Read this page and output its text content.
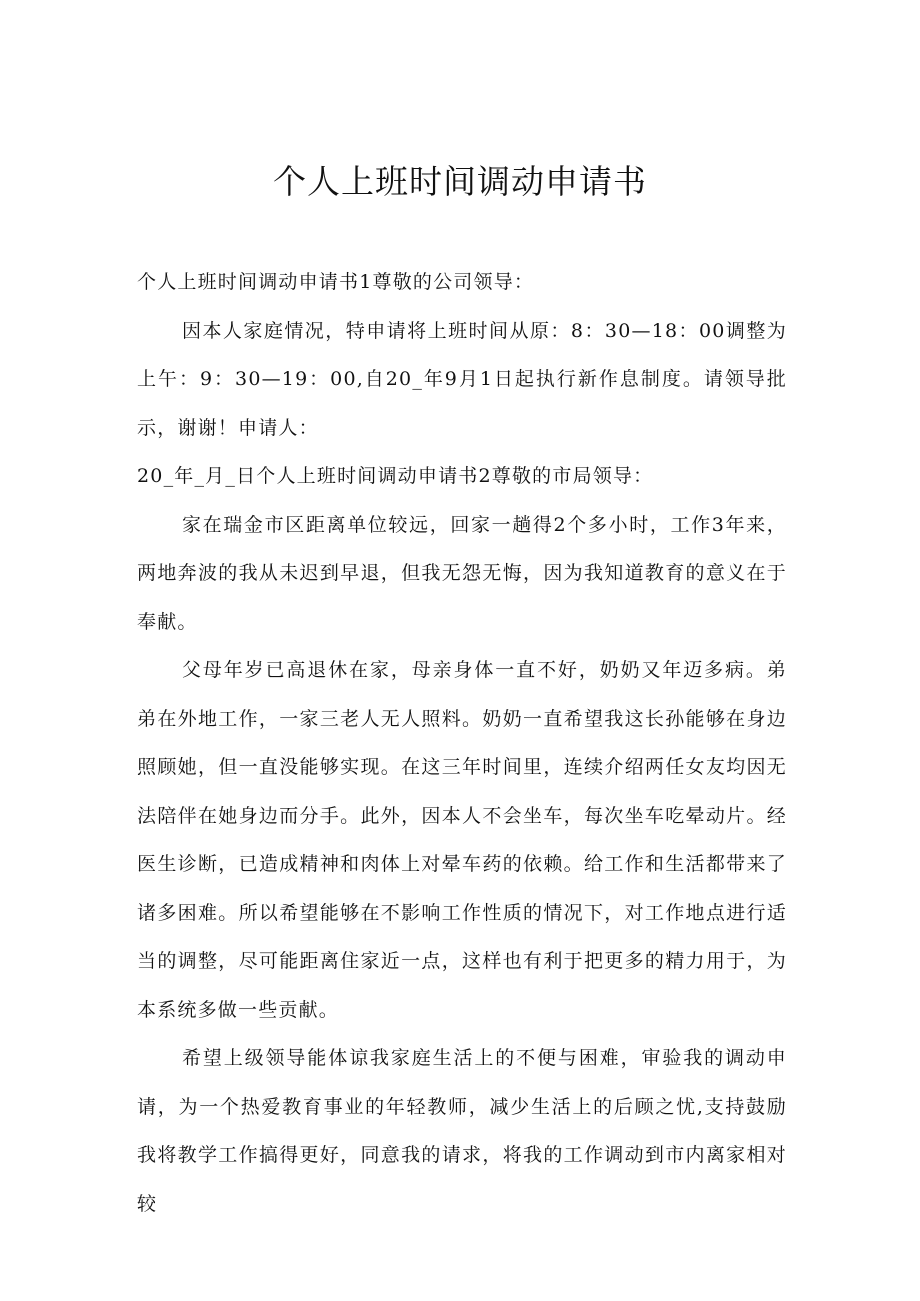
个人上班时间调动申请书

个人上班时间调动申请书1尊敬的公司领导：

因本人家庭情况，特申请将上班时间从原：8：30—18：00调整为上午：9：30—19：00,自20_年9月1日起执行新作息制度。请领导批示，谢谢！申请人：

20_年_月_日个人上班时间调动申请书2尊敬的市局领导：

家在瑞金市区距离单位较远，回家一趟得2个多小时，工作3年来，两地奔波的我从未迟到早退，但我无怨无悔，因为我知道教育的意义在于奉献。

父母年岁已高退休在家，母亲身体一直不好，奶奶又年迈多病。弟弟在外地工作，一家三老人无人照料。奶奶一直希望我这长孙能够在身边照顾她，但一直没能够实现。在这三年时间里，连续介绍两任女友均因无法陪伴在她身边而分手。此外，因本人不会坐车，每次坐车吃晕动片。经医生诊断，已造成精神和肉体上对晕车药的依赖。给工作和生活都带来了诸多困难。所以希望能够在不影响工作性质的情况下，对工作地点进行适当的调整，尽可能距离住家近一点，这样也有利于把更多的精力用于，为本系统多做一些贡献。

希望上级领导能体谅我家庭生活上的不便与困难，审验我的调动申请，为一个热爱教育事业的年轻教师，减少生活上的后顾之忧,支持鼓励我将教学工作搞得更好，同意我的请求，将我的工作调动到市内离家相对较
